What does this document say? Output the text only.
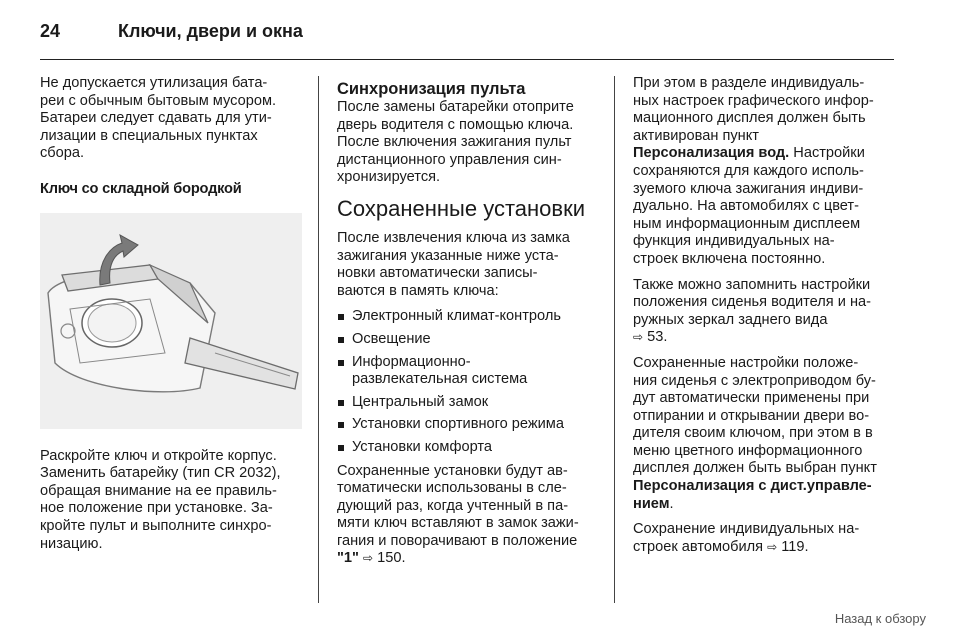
24	Ключи, двери и окна

Не допускается утилизация бата-
реи с обычным бытовым мусором.
Батареи следует сдавать для ути-
лизации в специальных пунктах
сбора.

Ключ со складной бородкой

Раскройте ключ и откройте корпус.
Заменить батарейку (тип CR 2032),
обращая внимание на ее правиль-
ное положение при установке. За-
кройте пульт и выполните синхро-
низацию.

Синхронизация пульта

После замены батарейки отоприте
дверь водителя с помощью ключа.
После включения зажигания пульт
дистанционного управления син-
хронизируется.

Сохраненные установки

После извлечения ключа из замка
зажигания указанные ниже уста-
новки автоматически записы-
ваются в память ключа:

Электронный климат-контроль
Освещение
Информационно-
развлекательная система
Центральный замок
Установки спортивного режима
Установки комфорта

Сохраненные установки будут ав-
томатически использованы в сле-
дующий раз, когда учтенный в па-
мяти ключ вставляют в замок зажи-
гания и поворачивают в положение
"1" ⇨ 150.

При этом в разделе индивидуаль-
ных настроек графического инфор-
мационного дисплея должен быть
активирован пункт
Персонализация вод. Настройки
сохраняются для каждого исполь-
зуемого ключа зажигания индиви-
дуально. На автомобилях с цвет-
ным информационным дисплеем
функция индивидуальных на-
строек включена постоянно.

Также можно запомнить настройки
положения сиденья водителя и на-
ружных зеркал заднего вида
⇨ 53.

Сохраненные настройки положе-
ния сиденья с электроприводом бу-
дут автоматически применены при
отпирании и открывании двери во-
дителя своим ключом, при этом в в
меню цветного информационного
дисплея должен быть выбран пункт
Персонализация с дист.управле-
нием.

Сохранение индивидуальных на-
строек автомобиля ⇨ 119.

Назад к обзору
